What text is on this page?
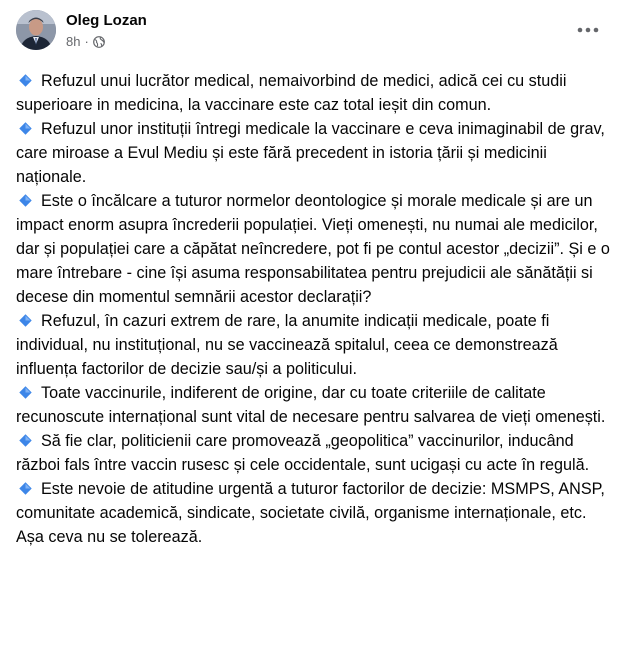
Oleg Lozan
8h ·

Refuzul unui lucrător medical, nemaivorbind de medici, adică cei cu studii superioare in medicina, la vaccinare este caz total ieșit din comun.

Refuzul unor instituții întregi medicale la vaccinare e ceva inimaginabil de grav, care miroase a Evul Mediu și este fără precedent in istoria țării și medicinii naționale.

Este o încălcare a tuturor normelor deontologice și morale medicale și are un impact enorm asupra încrederii populației. Vieți omenești, nu numai ale medicilor, dar și populației care a căpătat neîncredere, pot fi pe contul acestor „decizii”. Și e o mare întrebare - cine își asuma responsabilitatea pentru prejudicii ale sănătății si decese din momentul semnării acestor declarații?

Refuzul, în cazuri extrem de rare, la anumite indicații medicale, poate fi individual, nu instituțional, nu se vaccinează spitalul, ceea ce demonstrează influența factorilor de decizie sau/și a politicului.

Toate vaccinurile, indiferent de origine, dar cu toate criteriile de calitate recunoscute internațional sunt vital de necesare pentru salvarea de vieți omenești.

Să fie clar, politicienii care promovează „geopolitica” vaccinurilor, inducând război fals între vaccin rusesc și cele occidentale, sunt ucigași cu acte în regulă.

Este nevoie de atitudine urgentă a tuturor factorilor de decizie: MSMPS, ANSP, comunitate academică, sindicate, societate civilă, organisme internaționale, etc. Așa ceva nu se tolerează.
